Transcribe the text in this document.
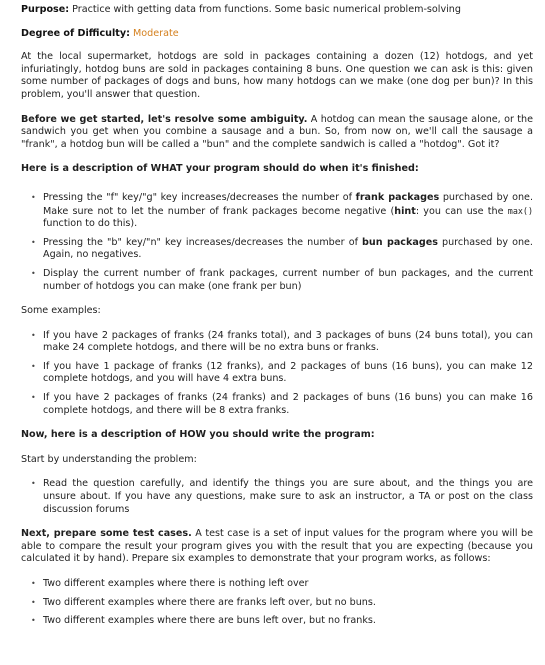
Purpose: Practice with getting data from functions. Some basic numerical problem-solving

Degree of Difficulty: Moderate

At the local supermarket, hotdogs are sold in packages containing a dozen (12) hotdogs, and yet infuriatingly, hotdog buns are sold in packages containing 8 buns. One question we can ask is this: given some number of packages of dogs and buns, how many hotdogs can we make (one dog per bun)? In this problem, you'll answer that question.

Before we get started, let's resolve some ambiguity. A hotdog can mean the sausage alone, or the sandwich you get when you combine a sausage and a bun. So, from now on, we'll call the sausage a "frank", a hotdog bun will be called a "bun" and the complete sandwich is called a "hotdog". Got it?

Here is a description of WHAT your program should do when it's finished:

• Pressing the "f" key/"g" key increases/decreases the number of frank packages purchased by one. Make sure not to let the number of frank packages become negative (hint: you can use the max() function to do this).
• Pressing the "b" key/"n" key increases/decreases the number of bun packages purchased by one. Again, no negatives.
• Display the current number of frank packages, current number of bun packages, and the current number of hotdogs you can make (one frank per bun)

Some examples:

• If you have 2 packages of franks (24 franks total), and 3 packages of buns (24 buns total), you can make 24 complete hotdogs, and there will be no extra buns or franks.
• If you have 1 package of franks (12 franks), and 2 packages of buns (16 buns), you can make 12 complete hotdogs, and you will have 4 extra buns.
• If you have 2 packages of franks (24 franks) and 2 packages of buns (16 buns) you can make 16 complete hotdogs, and there will be 8 extra franks.

Now, here is a description of HOW you should write the program:

Start by understanding the problem:

• Read the question carefully, and identify the things you are sure about, and the things you are unsure about. If you have any questions, make sure to ask an instructor, a TA or post on the class discussion forums

Next, prepare some test cases. A test case is a set of input values for the program where you will be able to compare the result your program gives you with the result that you are expecting (because you calculated it by hand). Prepare six examples to demonstrate that your program works, as follows:

• Two different examples where there is nothing left over
• Two different examples where there are franks left over, but no buns.
• Two different examples where there are buns left over, but no franks.
